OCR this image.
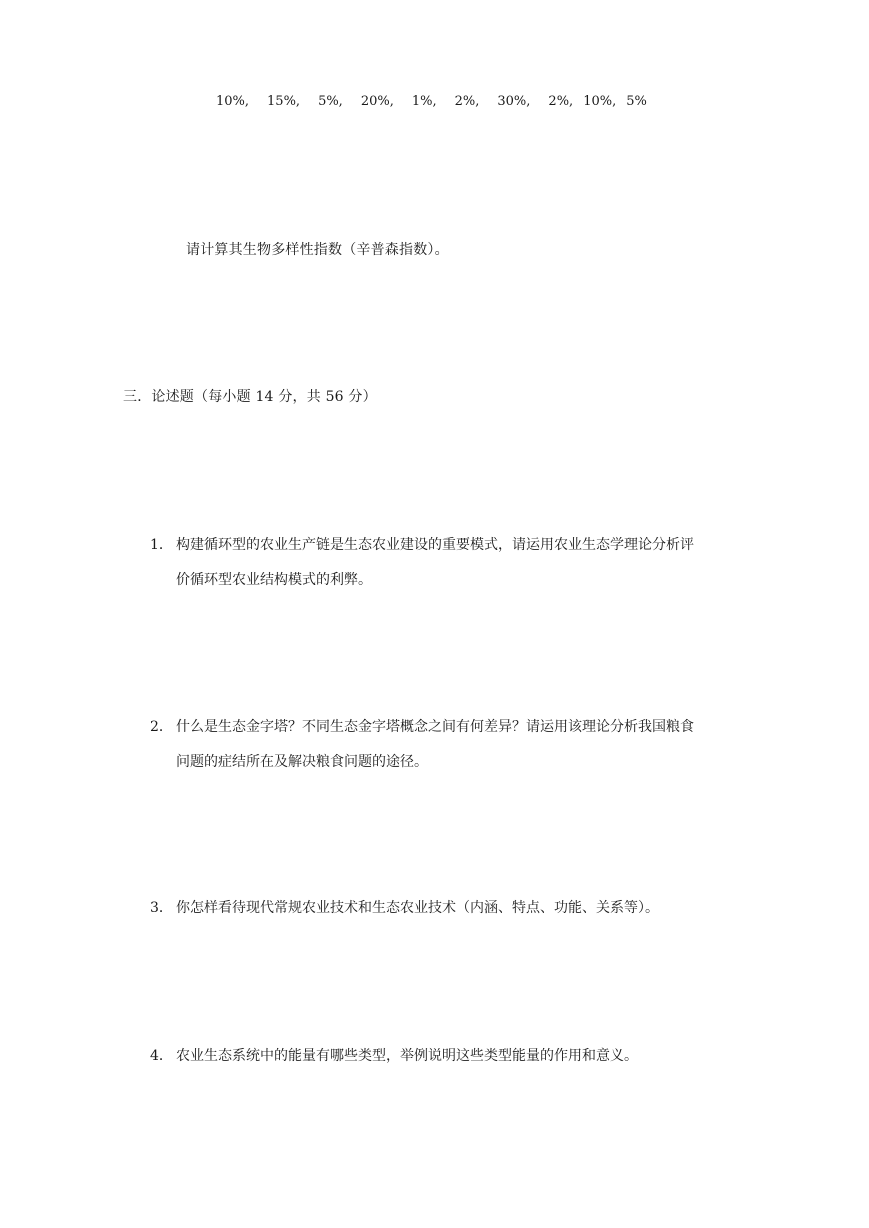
10%, 15%, 5%, 20%, 1%, 2%, 30%, 2%, 10%, 5%
请计算其生物多样性指数（辛普森指数）。
三．论述题（每小题 14 分，共 56 分）
1． 构建循环型的农业生产链是生态农业建设的重要模式，请运用农业生态学理论分析评
价循环型农业结构模式的利弊。
2． 什么是生态金字塔？不同生态金字塔概念之间有何差异？请运用该理论分析我国粮食
问题的症结所在及解决粮食问题的途径。
3． 你怎样看待现代常规农业技术和生态农业技术（内涵、特点、功能、关系等）。
4． 农业生态系统中的能量有哪些类型，举例说明这些类型能量的作用和意义。
